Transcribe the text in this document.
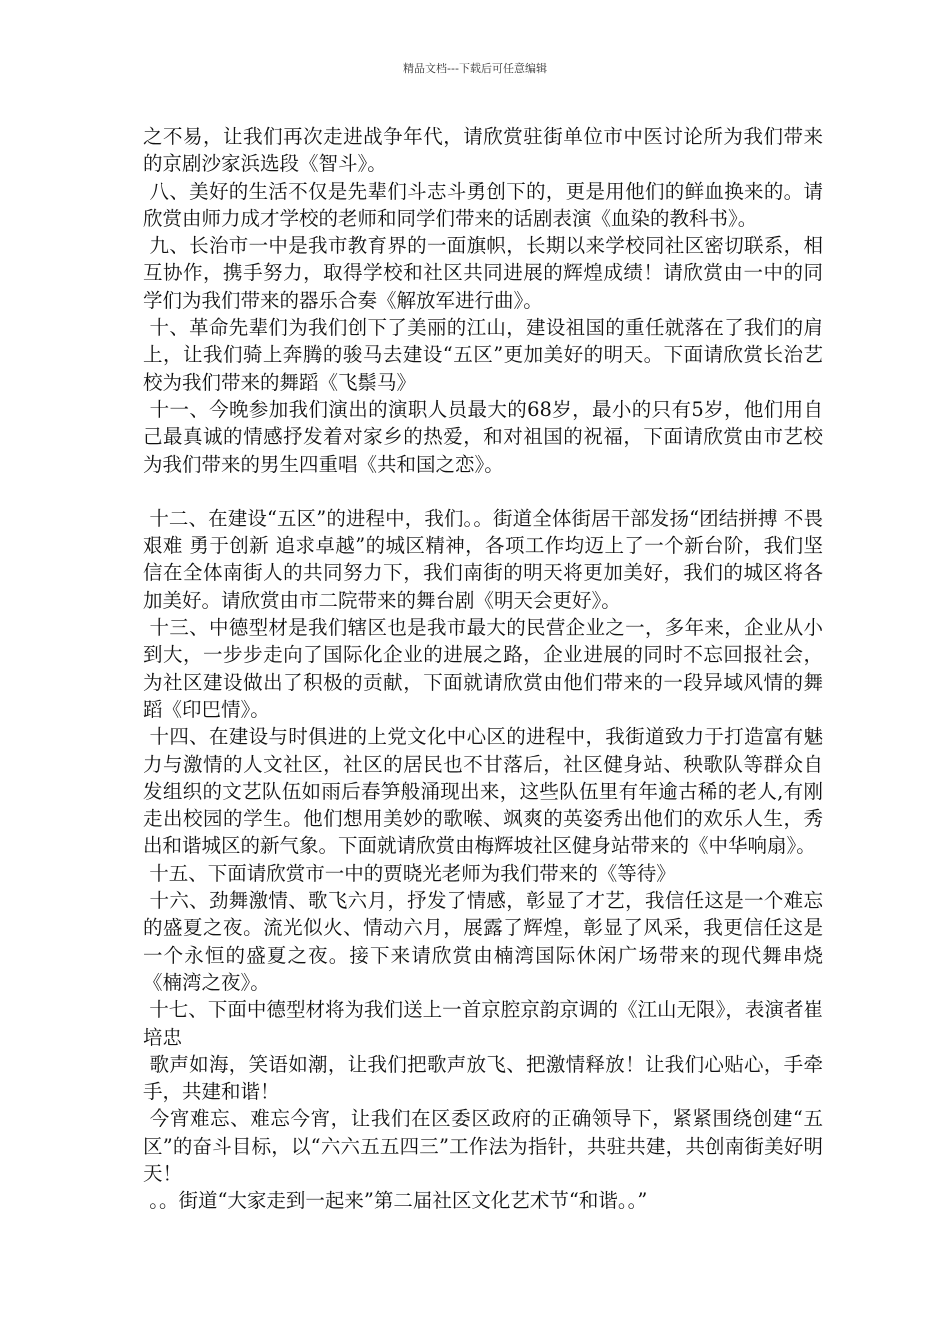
精品文档---下载后可任意编辑

之不易，让我们再次走进战争年代，请欣赏驻街单位市中医讨论所为我们带来的京剧沙家浜选段《智斗》。

八、美好的生活不仅是先辈们斗志斗勇创下的，更是用他们的鲜血换来的。请欣赏由师力成才学校的老师和同学们带来的话剧表演《血染的教科书》。

九、长治市一中是我市教育界的一面旗帜，长期以来学校同社区密切联系，相互协作，携手努力，取得学校和社区共同进展的辉煌成绩！请欣赏由一中的同学们为我们带来的器乐合奏《解放军进行曲》。

十、革命先辈们为我们创下了美丽的江山，建设祖国的重任就落在了我们的肩上，让我们骑上奔腾的骏马去建设“五区”更加美好的明天。下面请欣赏长治艺校为我们带来的舞蹈《飞鬃马》

十一、今晚参加我们演出的演职人员最大的68岁，最小的只有5岁，他们用自己最真诚的情感抒发着对家乡的热爱，和对祖国的祝福，下面请欣赏由市艺校为我们带来的男生四重唱《共和国之恋》。

十二、在建设“五区”的进程中，我们。。街道全体街居干部发扬“团结拼搏 不畏艰难 勇于创新 追求卓越”的城区精神，各项工作均迈上了一个新台阶，我们坚信在全体南街人的共同努力下，我们南街的明天将更加美好，我们的城区将各加美好。请欣赏由市二院带来的舞台剧《明天会更好》。

十三、中德型材是我们辖区也是我市最大的民营企业之一，多年来，企业从小到大，一步步走向了国际化企业的进展之路，企业进展的同时不忘回报社会，为社区建设做出了积极的贡献，下面就请欣赏由他们带来的一段异域风情的舞蹈《印巴情》。

十四、在建设与时俱进的上党文化中心区的进程中，我街道致力于打造富有魅力与激情的人文社区，社区的居民也不甘落后，社区健身站、秧歌队等群众自发组织的文艺队伍如雨后春笋般涌现出来，这些队伍里有年逾古稀的老人,有刚走出校园的学生。他们想用美妙的歌喉、飒爽的英姿秀出他们的欢乐人生，秀出和谐城区的新气象。下面就请欣赏由梅辉坡社区健身站带来的《中华响扇》。

十五、下面请欣赏市一中的贾晓光老师为我们带来的《等待》

十六、劲舞激情、歌飞六月，抒发了情感，彰显了才艺，我信任这是一个难忘的盛夏之夜。流光似火、情动六月，展露了辉煌，彰显了风采，我更信任这是一个永恒的盛夏之夜。接下来请欣赏由楠湾国际休闲广场带来的现代舞串烧《楠湾之夜》。

十七、下面中德型材将为我们送上一首京腔京韵京调的《江山无限》，表演者崔培忠

歌声如海，笑语如潮，让我们把歌声放飞、把激情释放！让我们心贴心，手牵手，共建和谐！

今宵难忘、难忘今宵，让我们在区委区政府的正确领导下，紧紧围绕创建“五区”的奋斗目标，以“六六五五四三”工作法为指针，共驻共建，共创南街美好明天！

。。街道“大家走到一起来”第二届社区文化艺术节“和谐。。”
